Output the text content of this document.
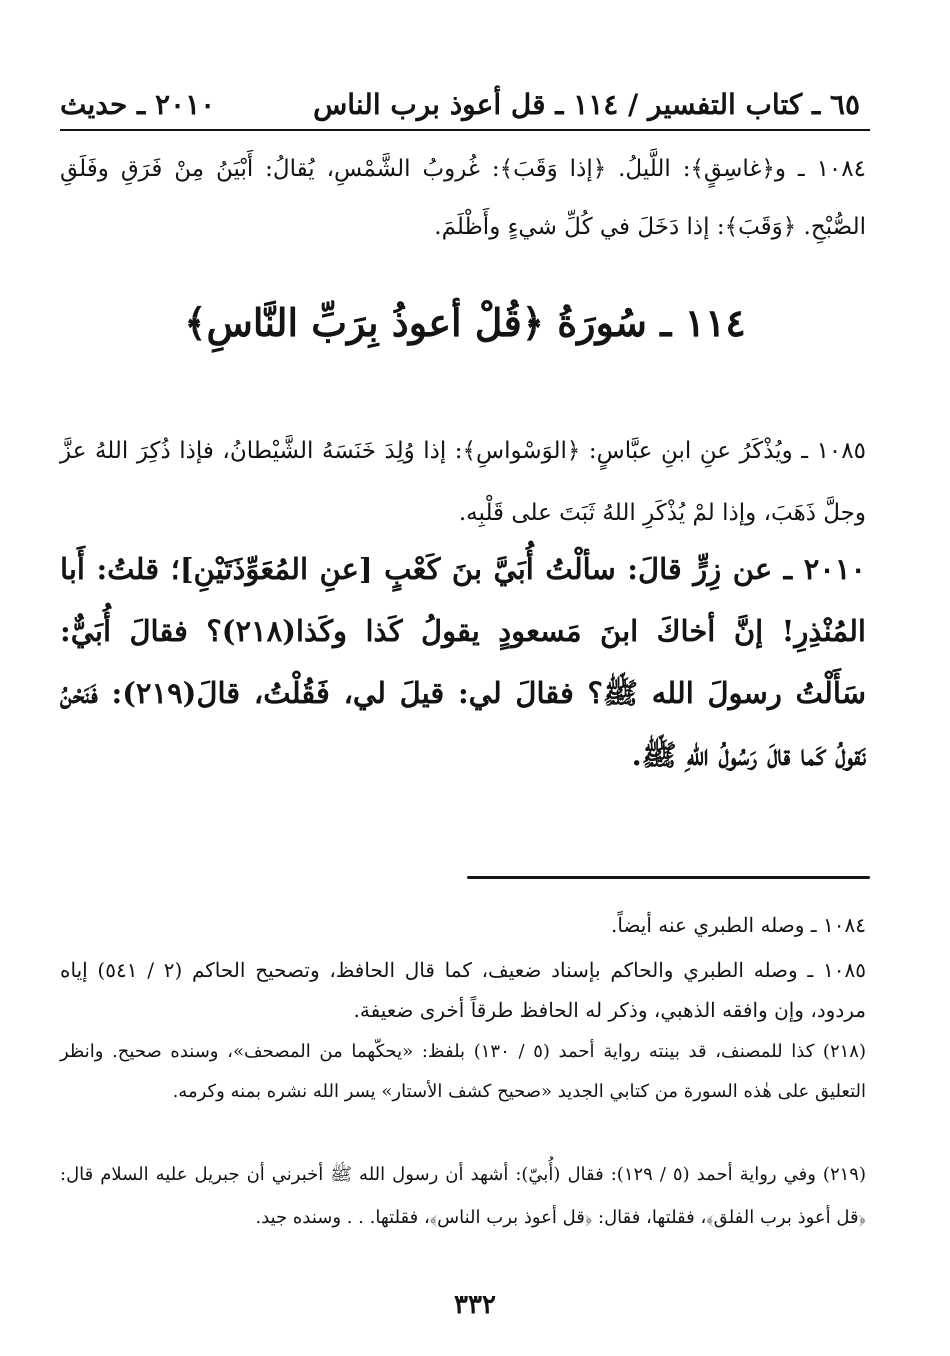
٦٥ ـ كتاب التفسير / ١١٤ ـ قل أعوذ برب الناس
٢٠١٠ ـ حديث
١٠٨٤ ـ و﴿غاسِقٍ﴾: اللَّيلُ. ﴿إذا وَقَبَ﴾: غُروبُ الشَّمْسِ، يُقالُ: أَبْيَنُ مِنْ فَرَقِ وفَلَقِ الصُّبْحِ. ﴿وَقَبَ﴾: إذا دَخَلَ في كُلِّ شيءٍ وأَظْلَمَ.
١١٤ ـ سُورَةُ ﴿قُلْ أعوذُ بِرَبِّ النَّاسِ﴾
١٠٨٥ ـ ويُذْكَرُ عنِ ابنِ عبَّاسٍ: ﴿الوَسْواسِ﴾: إذا وُلِدَ خَنَسَهُ الشَّيْطانُ، فإذا ذُكِرَ اللهُ عزَّ وجلَّ ذَهَبَ، وإذا لمْ يُذْكَرِ اللهُ ثَبَتَ على قَلْبِه.
٢٠١٠ ـ عن زِرٍّ قالَ: سألْتُ أُبَيَّ بنَ كَعْبٍ [عنِ المُعَوِّذَتَيْنِ]؛ قلتُ: أَبا المُنْذِرِ! إنَّ أخاكَ ابنَ مَسعودٍ يقولُ كَذا وكَذا(٢١٨)؟ فقالَ أُبَيٌّ: سَأَلْتُ رسولَ الله ﷺ؟ فقالَ لي: قيلَ لي، فَقُلْتُ، قالَ(٢١٩): فَنَحْنُ نَقولُ كَما قالَ رَسُولُ اللهِ ﷺ.
١٠٨٤ ـ وصله الطبري عنه أيضاً.
١٠٨٥ ـ وصله الطبري والحاكم بإسناد ضعيف، كما قال الحافظ، وتصحيح الحاكم (٢ / ٥٤١) إياه مردود، وإن وافقه الذهبي، وذكر له الحافظ طرقاً أخرى ضعيفة.
(٢١٨) كذا للمصنف، قد بينته رواية أحمد (٥ / ١٣٠) بلفظ: «يحكّهما من المصحف»، وسنده صحيح. وانظر التعليق على هٰذه السورة من كتابي الجديد «صحيح كشف الأستار» يسر الله نشره بمنه وكرمه.
(٢١٩) وفي رواية أحمد (٥ / ١٢٩): فقال (أُبيّ): أشهد أن رسول الله ﷺ أخبرني أن جبريل عليه السلام قال: ﴿قل أعوذ برب الفلق﴾، فقلتها، فقال: ﴿قل أعوذ برب الناس﴾، فقلتها. . . وسنده جيد.
٣٣٢
